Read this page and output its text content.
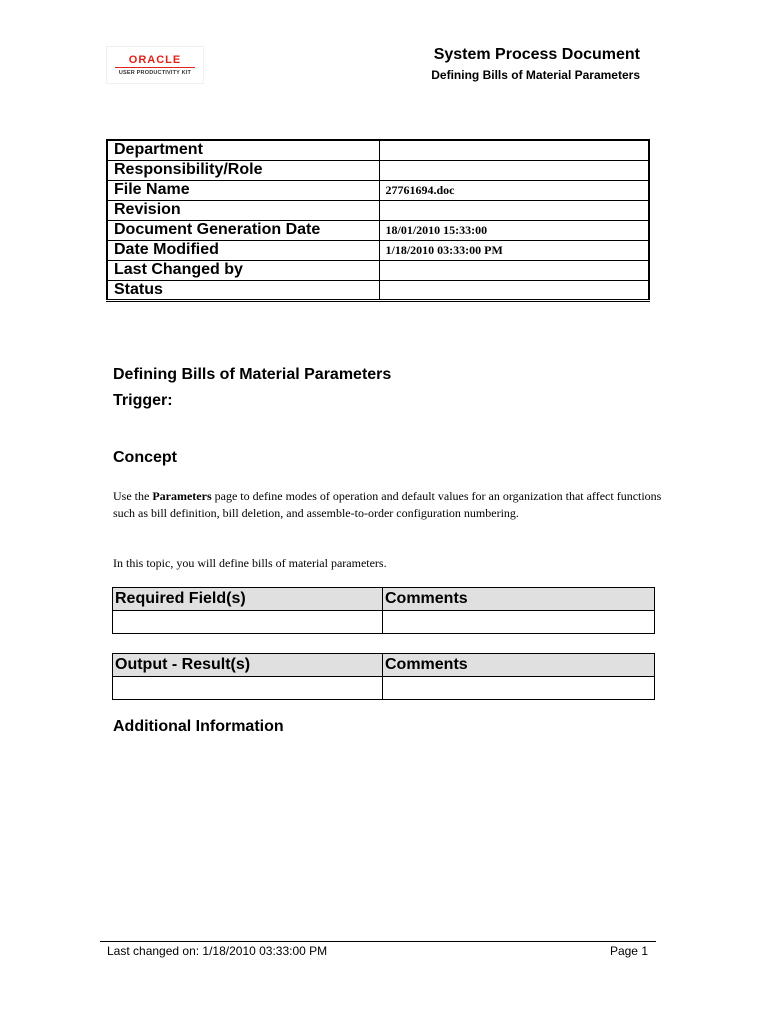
ORACLE
USER PRODUCTIVITY KIT
System Process Document
Defining Bills of Material Parameters
Department	
Responsibility/Role	
File Name	27761694.doc
Revision	
Document Generation Date	18/01/2010 15:33:00
Date Modified	1/18/2010 03:33:00 PM
Last Changed by	
Status	
Defining Bills of Material Parameters
Trigger:
Concept
Use the Parameters page to define modes of operation and default values for an organization that affect functions such as bill definition, bill deletion, and assemble-to-order configuration numbering.
In this topic, you will define bills of material parameters.
Required Field(s)	Comments

Output - Result(s)	Comments

Additional Information
Last changed on: 1/18/2010 03:33:00 PM	Page 1
